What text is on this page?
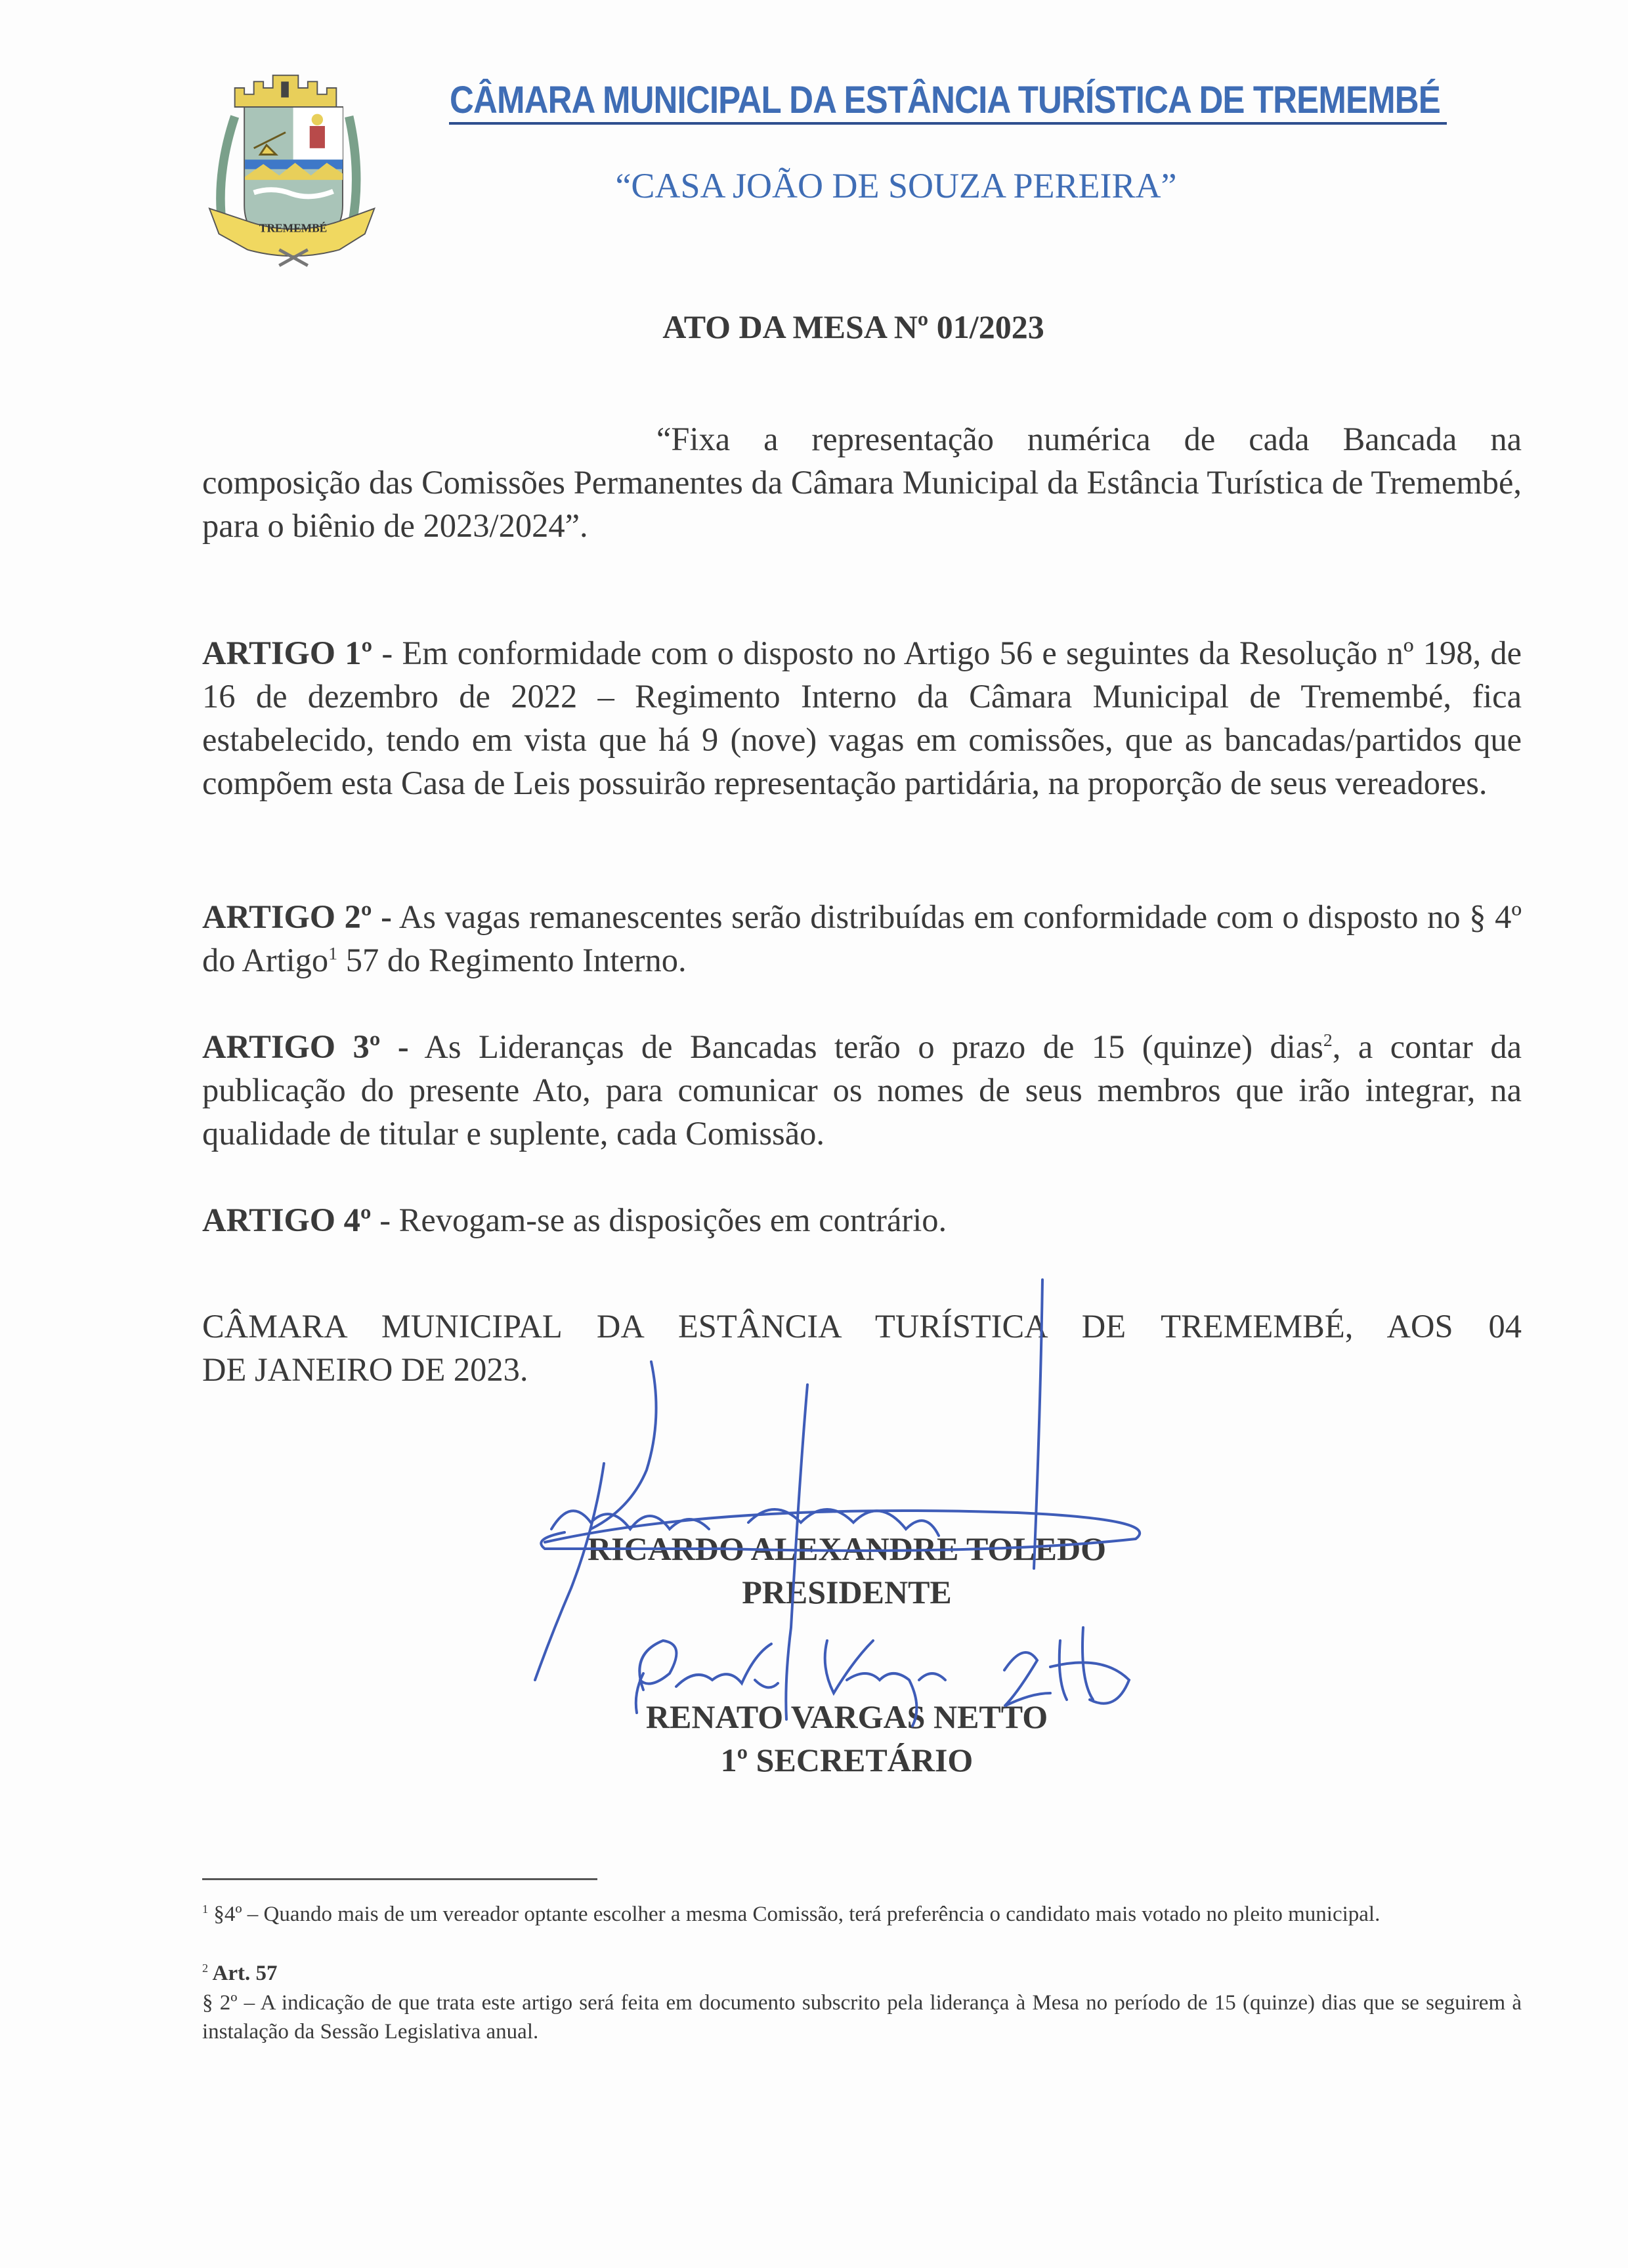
TREMEMBÉ
CÂMARA MUNICIPAL DA ESTÂNCIA TURÍSTICA DE TREMEMBÉ
“CASA JOÃO DE SOUZA PEREIRA”
ATO DA MESA Nº 01/2023
“Fixa a representação numérica de cada Bancada na
composição das Comissões Permanentes da Câmara Municipal da Estância Turística de Tremembé, para o biênio de 2023/2024”.
ARTIGO 1º - Em conformidade com o disposto no Artigo 56 e seguintes da Resolução nº 198, de 16 de dezembro de 2022 – Regimento Interno da Câmara Municipal de Tremembé, fica estabelecido, tendo em vista que há 9 (nove) vagas em comissões, que as bancadas/partidos que compõem esta Casa de Leis possuirão representação partidária, na proporção de seus vereadores.
ARTIGO 2º - As vagas remanescentes serão distribuídas em conformidade com o disposto no § 4º do Artigo$^1$ 57 do Regimento Interno.
ARTIGO 3º - As Lideranças de Bancadas terão o prazo de 15 (quinze) dias$^2$, a contar da publicação do presente Ato, para comunicar os nomes de seus membros que irão integrar, na qualidade de titular e suplente, cada Comissão.
ARTIGO 4º - Revogam-se as disposições em contrário.
CÂMARA MUNICIPAL DA ESTÂNCIA TURÍSTICA DE TREMEMBÉ, AOS 04
DE JANEIRO DE 2023.
RICARDO ALEXANDRE TOLEDO
PRESIDENTE
RENATO VARGAS NETTO
1º SECRETÁRIO
$^1$ §4º – Quando mais de um vereador optante escolher a mesma Comissão, terá preferência o candidato mais votado no pleito municipal.
$^2$ Art. 57
§ 2º – A indicação de que trata este artigo será feita em documento subscrito pela liderança à Mesa no período de 15 (quinze) dias que se seguirem à instalação da Sessão Legislativa anual.
